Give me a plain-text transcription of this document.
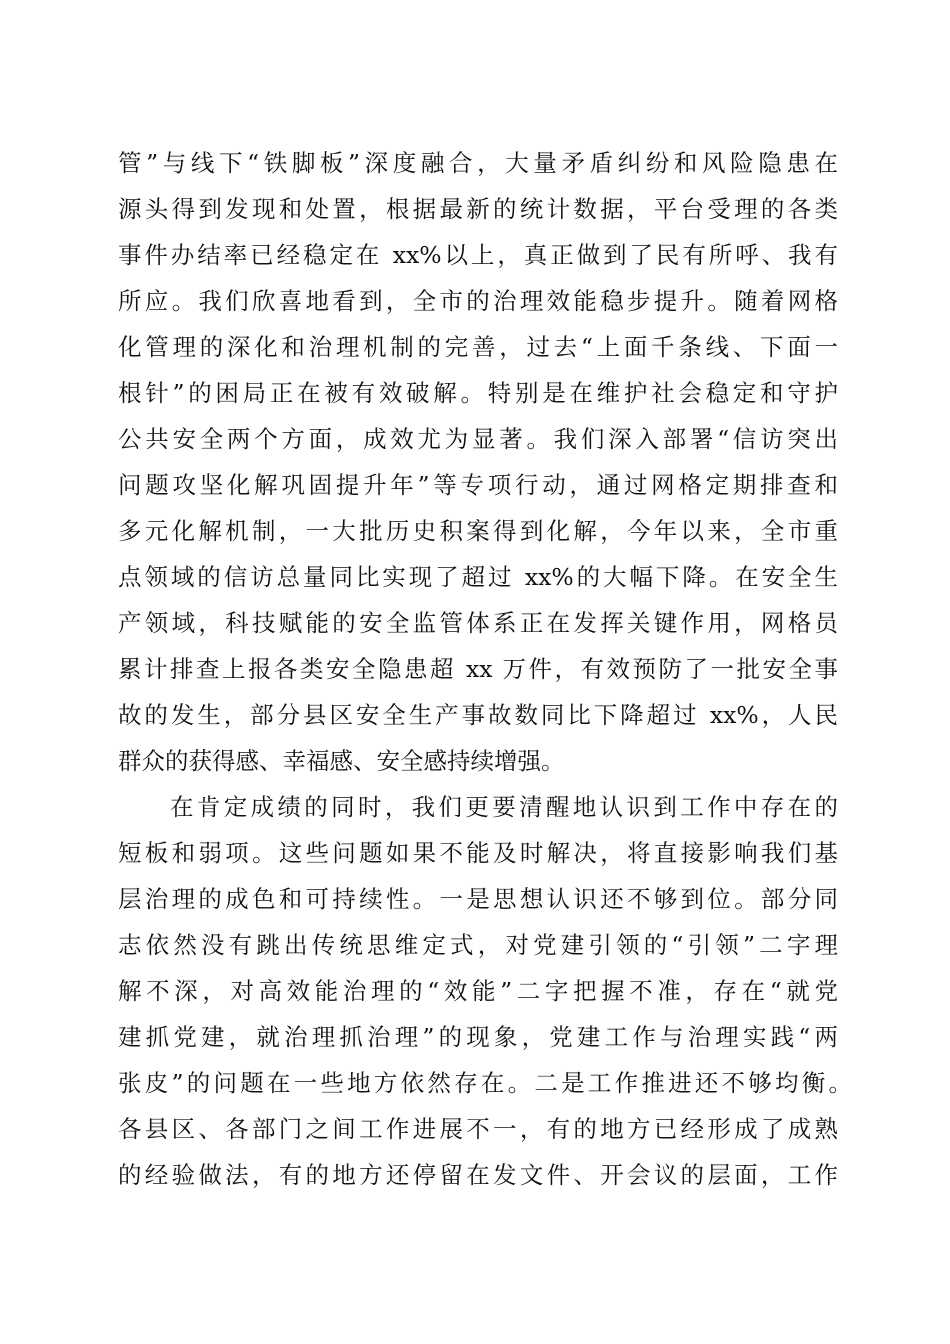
管”与线下“铁脚板”深度融合，大量矛盾纠纷和风险隐患在
源头得到发现和处置，根据最新的统计数据，平台受理的各类
事件办结率已经稳定在 xx%以上，真正做到了民有所呼、我有
所应。我们欣喜地看到，全市的治理效能稳步提升。随着网格
化管理的深化和治理机制的完善，过去“上面千条线、下面一
根针”的困局正在被有效破解。特别是在维护社会稳定和守护
公共安全两个方面，成效尤为显著。我们深入部署“信访突出
问题攻坚化解巩固提升年”等专项行动，通过网格定期排查和
多元化解机制，一大批历史积案得到化解，今年以来，全市重
点领域的信访总量同比实现了超过 xx%的大幅下降。在安全生
产领域，科技赋能的安全监管体系正在发挥关键作用，网格员
累计排查上报各类安全隐患超 xx 万件，有效预防了一批安全事
故的发生，部分县区安全生产事故数同比下降超过 xx%，人民
群众的获得感、幸福感、安全感持续增强。
在肯定成绩的同时，我们更要清醒地认识到工作中存在的
短板和弱项。这些问题如果不能及时解决，将直接影响我们基
层治理的成色和可持续性。一是思想认识还不够到位。部分同
志依然没有跳出传统思维定式，对党建引领的“引领”二字理
解不深，对高效能治理的“效能”二字把握不准，存在“就党
建抓党建，就治理抓治理”的现象，党建工作与治理实践“两
张皮”的问题在一些地方依然存在。二是工作推进还不够均衡。
各县区、各部门之间工作进展不一，有的地方已经形成了成熟
的经验做法，有的地方还停留在发文件、开会议的层面，工作
